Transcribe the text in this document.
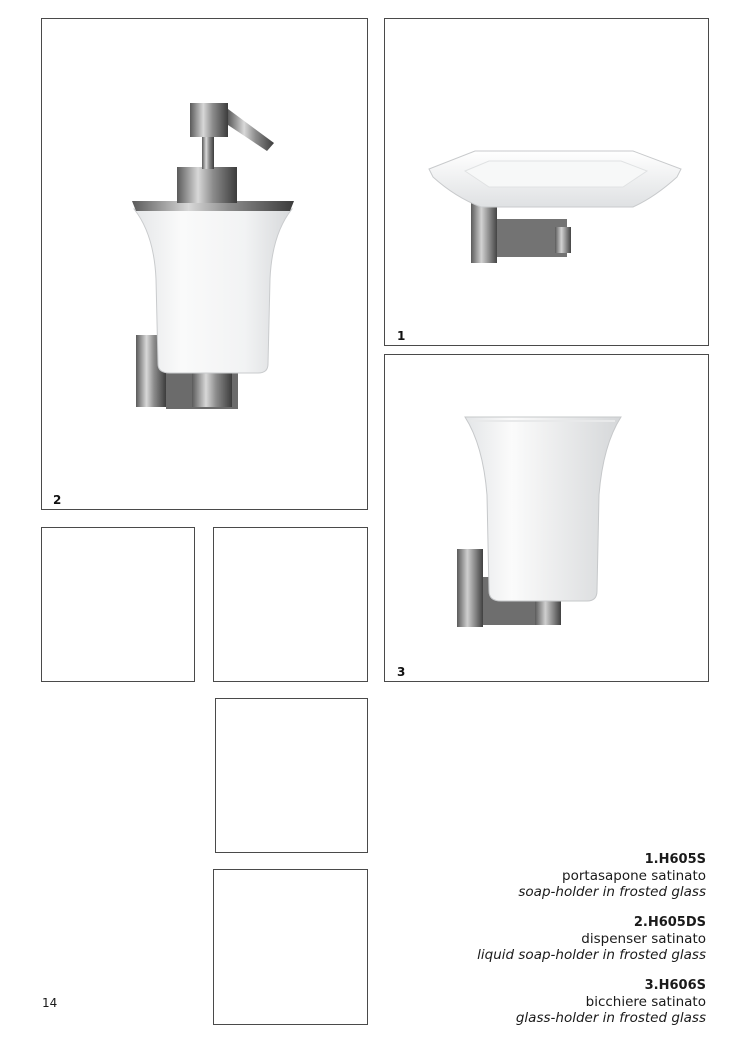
2
1
3
1.H605S
portasapone satinato
soap-holder in frosted glass
2.H605DS
dispenser satinato
liquid soap-holder in frosted glass
3.H606S
bicchiere satinato
glass-holder in frosted glass
14
